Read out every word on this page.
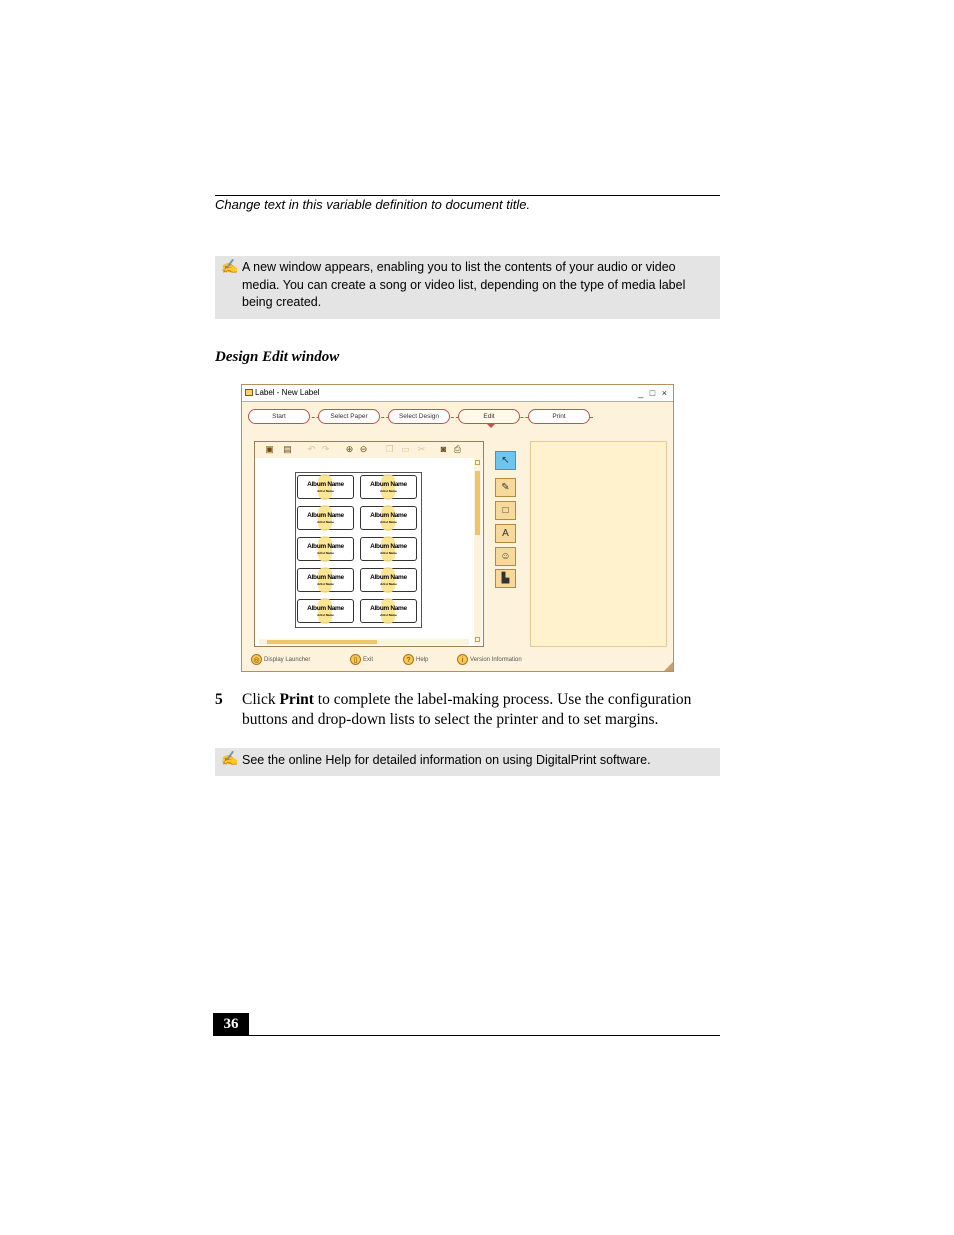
Change text in this variable definition to document title.
✍ A new window appears, enabling you to list the contents of your audio or video media. You can create a song or video list, depending on the type of media label being created.
Design Edit window
Label - New Label	_ □ ×
Start	Select Paper	Select Design	Edit	Print
▣ ▤ ↶ ↷ ⊕ ⊖ ❐ ▭ ✂ ◙ ⎙
Album Name
Artist Name
Album Name
Artist Name
Album Name
Artist Name
Album Name
Artist Name
Album Name
Artist Name
Album Name
Artist Name
Album Name
Artist Name
Album Name
Artist Name
Album Name
Artist Name
Album Name
Artist Name
↖
✎
□
A
☺
▙
◎ Display Launcher	▯ Exit	? Help	i Version Information
5 Click Print to complete the label-making process. Use the configuration buttons and drop-down lists to select the printer and to set margins.
✍ See the online Help for detailed information on using DigitalPrint software.
36
